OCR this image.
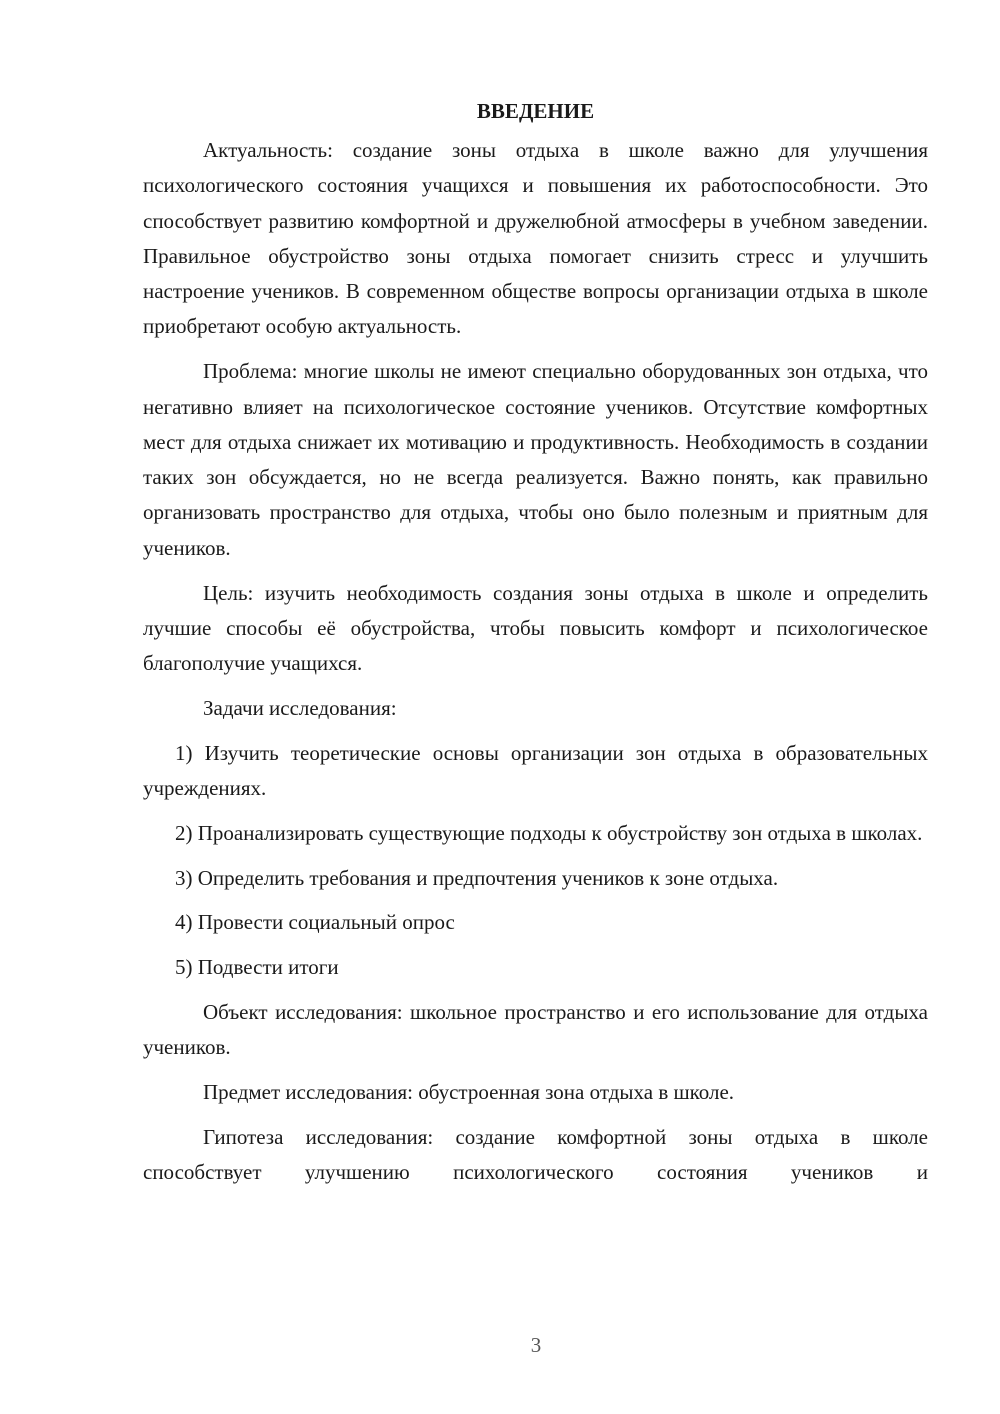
ВВЕДЕНИЕ

Актуальность: создание зоны отдыха в школе важно для улучшения психологического состояния учащихся и повышения их работоспособности. Это способствует развитию комфортной и дружелюбной атмосферы в учебном заведении. Правильное обустройство зоны отдыха помогает снизить стресс и улучшить настроение учеников. В современном обществе вопросы организации отдыха в школе приобретают особую актуальность.

Проблема: многие школы не имеют специально оборудованных зон отдыха, что негативно влияет на психологическое состояние учеников. Отсутствие комфортных мест для отдыха снижает их мотивацию и продуктивность. Необходимость в создании таких зон обсуждается, но не всегда реализуется. Важно понять, как правильно организовать пространство для отдыха, чтобы оно было полезным и приятным для учеников.

Цель: изучить необходимость создания зоны отдыха в школе и определить лучшие способы её обустройства, чтобы повысить комфорт и психологическое благополучие учащихся.

Задачи исследования:

1) Изучить теоретические основы организации зон отдыха в образовательных учреждениях.

2) Проанализировать существующие подходы к обустройству зон отдыха в школах.

3) Определить требования и предпочтения учеников к зоне отдыха.

4) Провести социальный опрос

5) Подвести итоги

Объект исследования: школьное пространство и его использование для отдыха учеников.

Предмет исследования: обустроенная зона отдыха в школе.

Гипотеза исследования: создание комфортной зоны отдыха в школе способствует улучшению психологического состояния учеников и

3
